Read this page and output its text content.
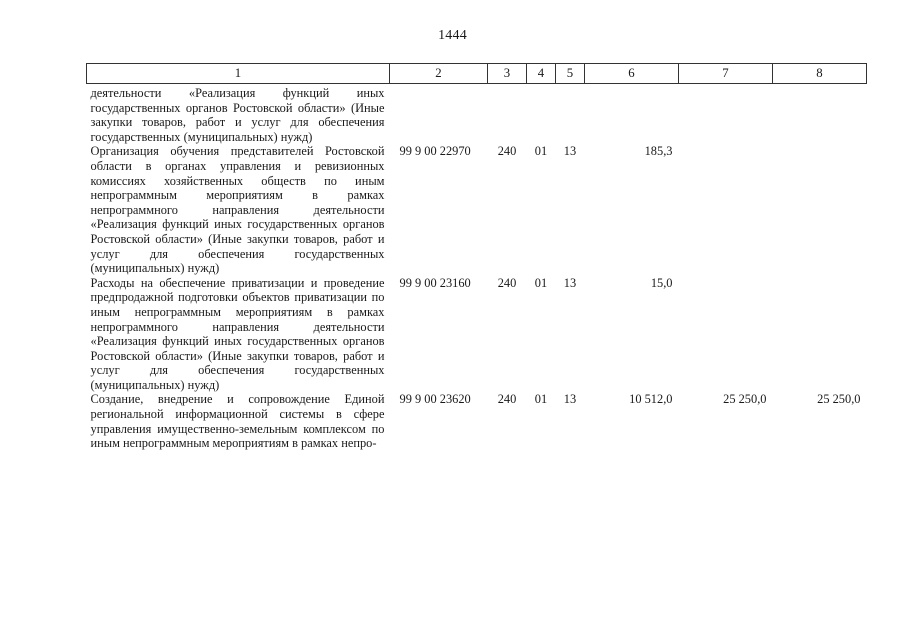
1444
1	2	3	4	5	6	7	8
деятельности «Реализация функций иных государственных органов Ростовской области» (Иные закупки товаров, работ и услуг для обеспечения государственных (муниципальных) нужд)							
Организация обучения представителей Ростовской области в органах управления и ревизионных комиссиях хозяйственных обществ по иным непрограммным мероприятиям в рамках непрограммного направления деятельности «Реализация функций иных государственных органов Ростовской области» (Иные закупки товаров, работ и услуг для обеспечения государственных (муниципальных) нужд)	99 9 00 22970	240	01	13	185,3		
Расходы на обеспечение приватизации и проведение предпродажной подготовки объектов приватизации по иным непрограммным мероприятиям в рамках непрограммного направления деятельности «Реализация функций иных государственных органов Ростовской области» (Иные закупки товаров, работ и услуг для обеспечения государственных (муниципальных) нужд)	99 9 00 23160	240	01	13	15,0		
Создание, внедрение и сопровождение Единой региональной информационной системы в сфере управления имущественно-земельным комплексом по иным непрограммным мероприятиям в рамках непро-	99 9 00 23620	240	01	13	10 512,0	25 250,0	25 250,0
